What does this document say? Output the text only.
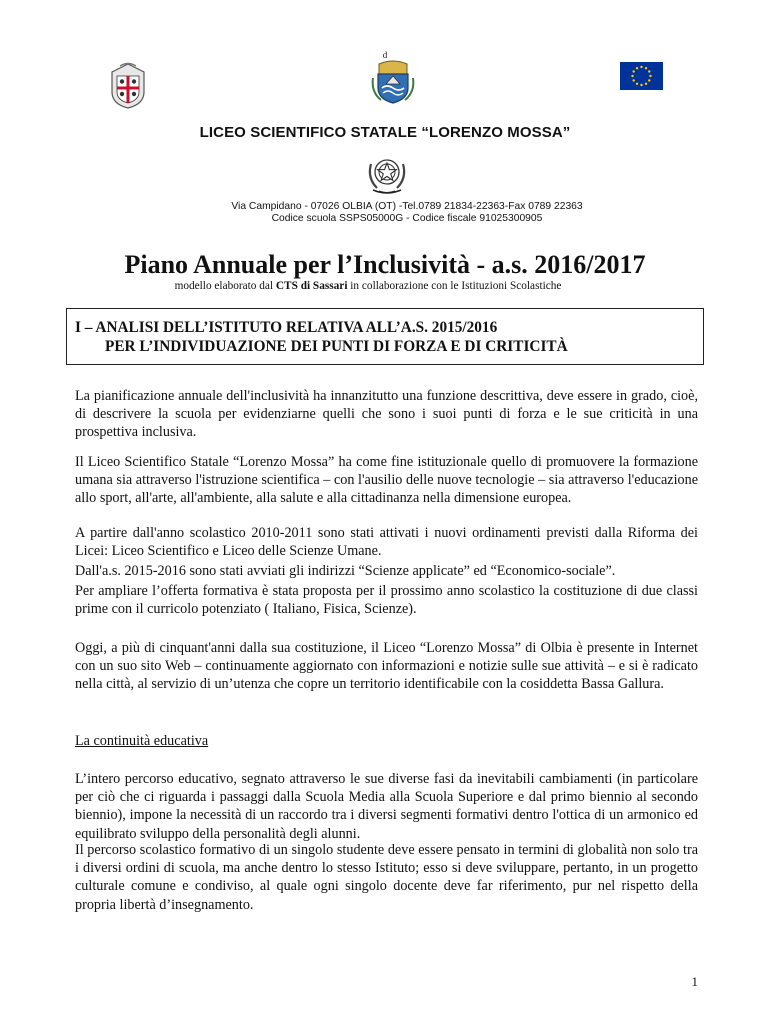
d
LICEO SCIENTIFICO STATALE “LORENZO MOSSA”
Via Campidano - 07026 OLBIA (OT) -Tel.0789 21834-22363-Fax 0789 22363
Codice scuola SSPS05000G - Codice fiscale 91025300905
Piano Annuale per l’Inclusività - a.s. 2016/2017
modello elaborato dal CTS di Sassari in collaborazione con le Istituzioni Scolastiche
I – ANALISI DELL’ISTITUTO RELATIVA ALL’A.S. 2015/2016
PER L’INDIVIDUAZIONE DEI PUNTI DI FORZA E DI CRITICITÀ
La pianificazione annuale dell'inclusività ha innanzitutto una funzione descrittiva, deve essere in grado, cioè, di descrivere la scuola per evidenziarne quelli che sono i suoi punti di forza e le sue criticità in una prospettiva inclusiva.
Il Liceo Scientifico Statale “Lorenzo Mossa” ha come fine istituzionale quello di promuovere la formazione umana sia attraverso l'istruzione scientifica – con l'ausilio delle nuove tecnologie – sia attraverso l'educazione allo sport, all'arte, all'ambiente, alla salute e alla cittadinanza nella dimensione europea.
A partire dall'anno scolastico 2010-2011 sono stati attivati i nuovi ordinamenti previsti dalla Riforma dei Licei: Liceo Scientifico e Liceo delle Scienze Umane.
Dall'a.s. 2015-2016 sono stati avviati gli indirizzi “Scienze applicate” ed “Economico-sociale”.
Per ampliare l’offerta formativa è stata proposta per il prossimo anno scolastico la costituzione di due classi prime con il curricolo potenziato ( Italiano, Fisica, Scienze).
Oggi, a più di cinquant'anni dalla sua costituzione, il Liceo “Lorenzo Mossa” di Olbia è presente in Internet con un suo sito Web – continuamente aggiornato con informazioni e notizie sulle sue attività – e si è radicato nella città, al servizio di un’utenza che copre un territorio identificabile con la cosiddetta Bassa Gallura.
La continuità educativa
L’intero percorso educativo, segnato attraverso le sue diverse fasi da inevitabili cambiamenti (in particolare per ciò che ci riguarda i passaggi dalla Scuola Media alla Scuola Superiore e dal primo biennio al secondo biennio), impone la necessità di un raccordo tra i diversi segmenti formativi dentro l'ottica di un armonico ed equilibrato sviluppo della personalità degli alunni.
Il percorso scolastico formativo di un singolo studente deve essere pensato in termini di globalità non solo tra i diversi ordini di scuola, ma anche dentro lo stesso Istituto; esso si deve sviluppare, pertanto, in un progetto culturale comune e condiviso, al quale ogni singolo docente deve far riferimento, pur nel rispetto della propria libertà d’insegnamento.
1
